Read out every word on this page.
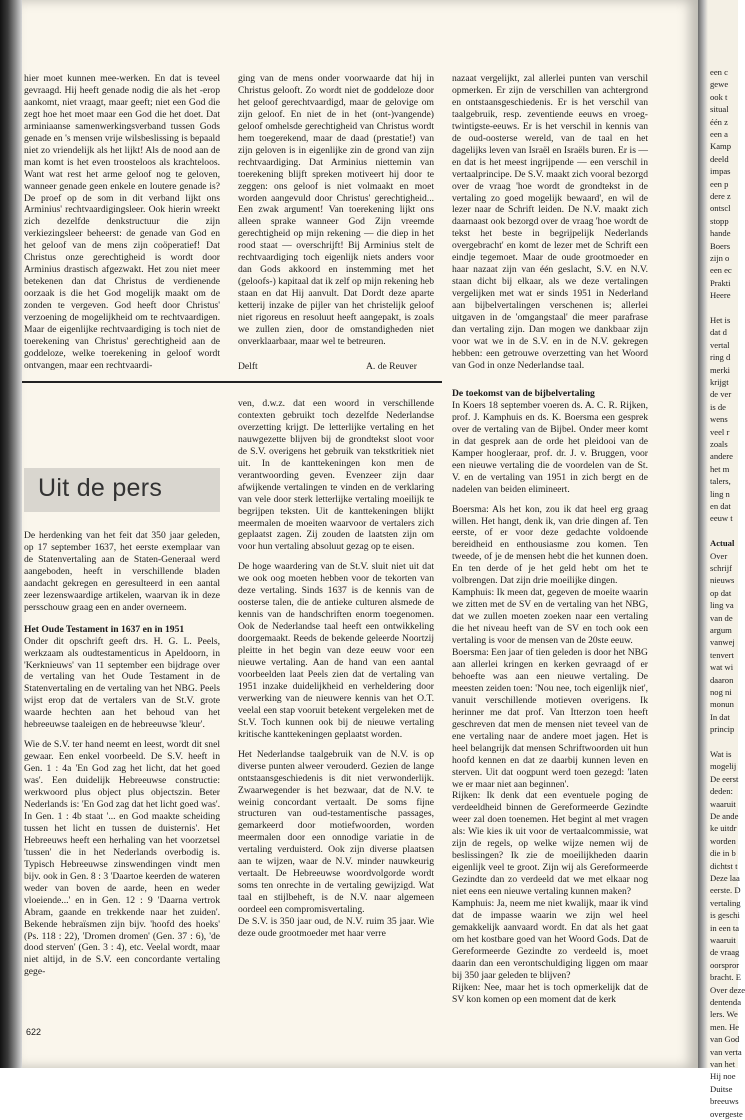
hier moet kunnen mee-werken. En dat is teveel gevraagd. Hij heeft genade nodig die als het -erop aankomt, niet vraagt, maar geeft; niet een God die zegt hoe het moet maar een God die het doet. Dat arminiaanse samenwerkingsverband tussen Gods genade en 's mensen vrije wilsbeslissing is bepaald niet zo vriendelijk als het lijkt! Als de nood aan de man komt is het even troosteloos als krachteloos. Want wat rest het arme geloof nog te geloven, wanneer genade geen enkele en loutere genade is? De proef op de som in dit verband lijkt ons Arminius' rechtvaardigingsleer. Ook hierin wreekt zich dezelfde denkstructuur die zijn verkiezingsleer beheerst: de genade van God en het geloof van de mens zijn coöperatief! Dat Christus onze gerechtigheid is wordt door Arminius drastisch afgezwakt. Het zou niet meer betekenen dan dat Christus de verdienende oorzaak is die het God mogelijk maakt om de zonden te vergeven. God heeft door Christus' verzoening de mogelijkheid om te rechtvaardigen. Maar de eigenlijke rechtvaardiging is toch niet de toerekening van Christus' gerechtigheid aan de goddeloze, welke toerekening in geloof wordt ontvangen, maar een rechtvaardi-

ging van de mens onder voorwaarde dat hij in Christus gelooft. Zo wordt niet de goddeloze door het geloof gerechtvaardigd, maar de gelovige om zijn geloof. En niet de in het (ont-)vangende) geloof omhelsde gerechtigheid van Christus wordt hem toegerekend, maar de daad (prestatie!) van zijn geloven is in eigenlijke zin de grond van zijn rechtvaardiging. Dat Arminius niettemin van toerekening blijft spreken motiveert hij door te zeggen: ons geloof is niet volmaakt en moet worden aangevuld door Christus' gerechtigheid... Een zwak argument! Van toerekening lijkt ons alleen sprake wanneer God Zijn vreemde gerechtigheid op mijn rekening — die diep in het rood staat — overschrijft! Bij Arminius stelt de rechtvaardiging toch eigenlijk niets anders voor dan Gods akkoord en instemming met het (geloofs-) kapitaal dat ik zelf op mijn rekening heb staan en dat Hij aanvult. Dat Dordt deze aparte ketterij inzake de pijler van het christelijk geloof niet rigoreus en resoluut heeft aangepakt, is zoals we zullen zien, door de omstandigheden niet onverklaarbaar, maar wel te betreuren.

Delft	A. de Reuver

nazaat vergelijkt, zal allerlei punten van verschil opmerken. Er zijn de verschillen van achtergrond en ontstaansgeschiedenis. Er is het verschil van taalgebruik, resp. zeventiende eeuws en vroeg-twintigste-eeuws. Er is het verschil in kennis van de oud-oosterse wereld, van de taal en het dagelijks leven van Israël en Israëls buren. Er is — en dat is het meest ingrijpende — een verschil in vertaalprincipe. De S.V. maakt zich vooral bezorgd over de vraag 'hoe wordt de grondtekst in de vertaling zo goed mogelijk bewaard', en wil de lezer naar de Schrift leiden. De N.V. maakt zich daarnaast ook bezorgd over de vraag 'hoe wordt de tekst het beste in begrijpelijk Nederlands overgebracht' en komt de lezer met de Schrift een eindje tegemoet. Maar de oude grootmoeder en haar nazaat zijn van één geslacht, S.V. en N.V. staan dicht bij elkaar, als we deze vertalingen vergelijken met wat er sinds 1951 in Nederland aan bijbelvertalingen verschenen is; allerlei uitgaven in de 'omgangstaal' die meer parafrase dan vertaling zijn. Dan mogen we dankbaar zijn voor wat we in de S.V. en in de N.V. gekregen hebben: een getrouwe overzetting van het Woord van God in onze Nederlandse taal.

Uit de pers

De herdenking van het feit dat 350 jaar geleden, op 17 september 1637, het eerste exemplaar van de Statenvertaling aan de Staten-Generaal werd aangeboden, heeft in verschillende bladen aandacht gekregen en geresulteerd in een aantal zeer lezenswaardige artikelen, waarvan ik in deze persschouw graag een en ander overneem.

Het Oude Testament in 1637 en in 1951

Onder dit opschrift geeft drs. H. G. L. Peels, werkzaam als oudtestamenticus in Apeldoorn, in 'Kerknieuws' van 11 september een bijdrage over de vertaling van het Oude Testament in de Statenvertaling en de vertaling van het NBG. Peels wijst erop dat de vertalers van de St.V. grote waarde hechten aan het behoud van het hebreeuwse taaleigen en de hebreeuwse 'kleur'.

Wie de S.V. ter hand neemt en leest, wordt dit snel gewaar. Een enkel voorbeeld. De S.V. heeft in Gen. 1 : 4a 'En God zag het licht, dat het goed was'. Een duidelijk Hebreeuwse constructie: werkwoord plus object plus objectszin. Beter Nederlands is: 'En God zag dat het licht goed was'. In Gen. 1 : 4b staat '... en God maakte scheiding tussen het licht en tussen de duisternis'. Het Hebreeuws heeft een herhaling van het voorzetsel 'tussen' die in het Nederlands overbodig is. Typisch Hebreeuwse zinswendingen vindt men bijv. ook in Gen. 8 : 3 'Daartoe keerden de wateren weder van boven de aarde, heen en weder vloeiende...' en in Gen. 12 : 9 'Daarna vertrok Abram, gaande en trekkende naar het zuiden'. Bekende hebraïsmen zijn bijv. 'hoofd des hoeks' (Ps. 118 : 22), 'Dromen dromen' (Gen. 37 : 6), 'de dood sterven' (Gen. 3 : 4), etc. Veelal wordt, maar niet altijd, in de S.V. een concordante vertaling gege-

ven, d.w.z. dat een woord in verschillende contexten gebruikt toch dezelfde Nederlandse overzetting krijgt. De letterlijke vertaling en het nauwgezette blijven bij de grondtekst sloot voor de S.V. overigens het gebruik van tekstkritiek niet uit. In de kanttekeningen kon men de verantwoording geven. Evenzeer zijn daar afwijkende vertalingen te vinden en de verklaring van vele door sterk letterlijke vertaling moeilijk te begrijpen teksten. Uit de kanttekeningen blijkt meermalen de moeiten waarvoor de vertalers zich geplaatst zagen. Zij zouden de laatsten zijn om voor hun vertaling absoluut gezag op te eisen.

De hoge waardering van de St.V. sluit niet uit dat we ook oog moeten hebben voor de tekorten van deze vertaling. Sinds 1637 is de kennis van de oosterse talen, die de antieke culturen alsmede de kennis van de handschriften enorm toegenomen. Ook de Nederlandse taal heeft een ontwikkeling doorgemaakt. Reeds de bekende geleerde Noortzij pleitte in het begin van deze eeuw voor een nieuwe vertaling. Aan de hand van een aantal voorbeelden laat Peels zien dat de vertaling van 1951 inzake duidelijkheid en verheldering door verwerking van de nieuwere kennis van het O.T. veelal een stap vooruit betekent vergeleken met de St.V. Toch kunnen ook bij de nieuwe vertaling kritische kanttekeningen geplaatst worden.

Het Nederlandse taalgebruik van de N.V. is op diverse punten alweer verouderd. Gezien de lange ontstaansgeschiedenis is dit niet verwonderlijk. Zwaarwegender is het bezwaar, dat de N.V. te weinig concordant vertaalt. De soms fijne structuren van oud-testamentische passages, gemarkeerd door motiefwoorden, worden meermalen door een onnodige variatie in de vertaling verduisterd. Ook zijn diverse plaatsen aan te wijzen, waar de N.V. minder nauwkeurig vertaalt. De Hebreeuwse woordvolgorde wordt soms ten onrechte in de vertaling gewijzigd. Wat taal en stijlbeheft, is de N.V. naar algemeen oordeel een compromisvertaling.

De S.V. is 350 jaar oud, de N.V. ruim 35 jaar. Wie deze oude grootmoeder met haar verre

De toekomst van de bijbelvertaling

In Koers 18 september voeren ds. A. C. R. Rijken, prof. J. Kamphuis en ds. K. Boersma een gesprek over de vertaling van de Bijbel. Onder meer komt in dat gesprek aan de orde het pleidooi van de Kamper hoogleraar, prof. dr. J. v. Bruggen, voor een nieuwe vertaling die de voordelen van de St. V. en de vertaling van 1951 in zich bergt en de nadelen van beiden elimineert.

Boersma: Als het kon, zou ik dat heel erg graag willen. Het hangt, denk ik, van drie dingen af. Ten eerste, of er voor deze gedachte voldoende bereidheid en enthousiasme zou komen. Ten tweede, of je de mensen hebt die het kunnen doen. En ten derde of je het geld hebt om het te volbrengen. Dat zijn drie moeilijke dingen.

Kamphuis: Ik meen dat, gegeven de moeite waarin we zitten met de SV en de vertaling van het NBG, dat we zullen moeten zoeken naar een vertaling die het niveau heeft van de SV en toch ook een vertaling is voor de mensen van de 20ste eeuw.

Boersma: Een jaar of tien geleden is door het NBG aan allerlei kringen en kerken gevraagd of er behoefte was aan een nieuwe vertaling. De meesten zeiden toen: 'Nou nee, toch eigenlijk niet', vanuit verschillende motieven overigens. Ik herinner me dat prof. Van Itterzon toen heeft geschreven dat men de mensen niet teveel van de ene vertaling naar de andere moet jagen. Het is heel belangrijk dat mensen Schriftwoorden uit hun hoofd kennen en dat ze daarbij kunnen leven en sterven. Uit dat oogpunt werd toen gezegd: 'laten we er maar niet aan beginnen'.

Rijken: Ik denk dat een eventuele poging de verdeeldheid binnen de Gereformeerde Gezindte weer zal doen toenemen. Het begint al met vragen als: Wie kies ik uit voor de vertaalcommissie, wat zijn de regels, op welke wijze nemen wij de beslissingen? Ik zie de moeilijkheden daarin eigenlijk veel te groot. Zijn wij als Gereformeerde Gezindte dan zo verdeeld dat we met elkaar nog niet eens een nieuwe vertaling kunnen maken?

Kamphuis: Ja, neem me niet kwalijk, maar ik vind dat de impasse waarin we zijn wel heel gemakkelijk aanvaard wordt. En dat als het gaat om het kostbare goed van het Woord Gods. Dat de Gereformeerde Gezindte zo verdeeld is, moet daarin dan een verontschuldiging liggen om maar bij 350 jaar geleden te blijven?

Rijken: Nee, maar het is toch opmerkelijk dat de SV kon komen op een moment dat de kerk

622
een c
gewe
ook t
situal
één z
een a
Kamp
deeld
impas
een p
dere z
ontscl
stopp
hande
Boers
zijn o
een ec
Prakti
Heere
Het is
dat d
vertal
ring d
merki
krijgt
de ver
is de
wens
veel r
zoals
andere
het m
talers,
ling n
en dat
eeuw t
Actual
Over
schrijf
nieuws
op dat
ling va
van de
argum
vanwej
tenvert
wat wi
daaron
nog ni
monun
In dat
princip
Wat is
mogelij
De eerst
deden:
waaruit
De ande
ke uitdr
worden
die in b
dichtst t
Deze laa
eerste. D
vertaling
is geschi
in een ta
waaruit
de vraag
oorspror
bracht. E
Over deze
dentenda
lers. We
men. He
van God
van verta
van het
Hij noe
Duitse
breeuws
overgeste
